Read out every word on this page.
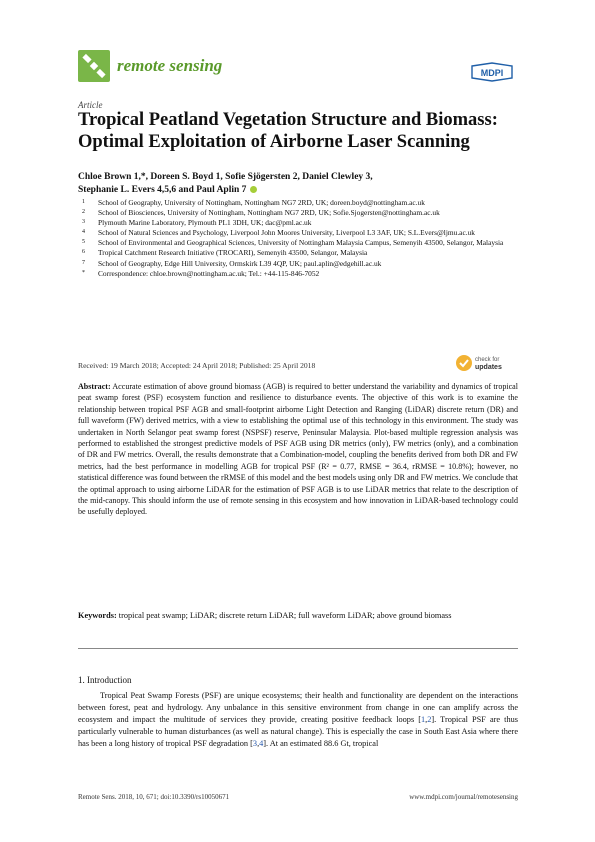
remote sensing	MDPI
Article
Tropical Peatland Vegetation Structure and Biomass: Optimal Exploitation of Airborne Laser Scanning
Chloe Brown 1,*, Doreen S. Boyd 1, Sofie Sjögersten 2, Daniel Clewley 3,
Stephanie L. Evers 4,5,6 and Paul Aplin 7
1 School of Geography, University of Nottingham, Nottingham NG7 2RD, UK; doreen.boyd@nottingham.ac.uk
2 School of Biosciences, University of Nottingham, Nottingham NG7 2RD, UK; Sofie.Sjogersten@nottingham.ac.uk
3 Plymouth Marine Laboratory, Plymouth PL1 3DH, UK; dac@pml.ac.uk
4 School of Natural Sciences and Psychology, Liverpool John Moores University, Liverpool L3 3AF, UK; S.L.Evers@ljmu.ac.uk
5 School of Environmental and Geographical Sciences, University of Nottingham Malaysia Campus, Semenyih 43500, Selangor, Malaysia
6 Tropical Catchment Research Initiative (TROCARI), Semenyih 43500, Selangor, Malaysia
7 School of Geography, Edge Hill University, Ormskirk L39 4QP, UK; paul.aplin@edgehill.ac.uk
* Correspondence: chloe.brown@nottingham.ac.uk; Tel.: +44-115-846-7052
Received: 19 March 2018; Accepted: 24 April 2018; Published: 25 April 2018
check for
updates
Abstract: Accurate estimation of above ground biomass (AGB) is required to better understand the variability and dynamics of tropical peat swamp forest (PSF) ecosystem function and resilience to disturbance events. The objective of this work is to examine the relationship between tropical PSF AGB and small-footprint airborne Light Detection and Ranging (LiDAR) discrete return (DR) and full waveform (FW) derived metrics, with a view to establishing the optimal use of this technology in this environment. The study was undertaken in North Selangor peat swamp forest (NSPSF) reserve, Peninsular Malaysia. Plot-based multiple regression analysis was performed to established the strongest predictive models of PSF AGB using DR metrics (only), FW metrics (only), and a combination of DR and FW metrics. Overall, the results demonstrate that a Combination-model, coupling the benefits derived from both DR and FW metrics, had the best performance in modelling AGB for tropical PSF (R² = 0.77, RMSE = 36.4, rRMSE = 10.8%); however, no statistical difference was found between the rRMSE of this model and the best models using only DR and FW metrics. We conclude that the optimal approach to using airborne LiDAR for the estimation of PSF AGB is to use LiDAR metrics that relate to the description of the mid-canopy. This should inform the use of remote sensing in this ecosystem and how innovation in LiDAR-based technology could be usefully deployed.
Keywords: tropical peat swamp; LiDAR; discrete return LiDAR; full waveform LiDAR; above ground biomass
1. Introduction

Tropical Peat Swamp Forests (PSF) are unique ecosystems; their health and functionality are dependent on the interactions between forest, peat and hydrology. Any unbalance in this sensitive environment from change in one can amplify across the ecosystem and impact the multitude of services they provide, creating positive feedback loops [1,2]. Tropical PSF are thus particularly vulnerable to human disturbances (as well as natural change). This is especially the case in South East Asia where there has been a long history of tropical PSF degradation [3,4]. At an estimated 88.6 Gt, tropical

Remote Sens. 2018, 10, 671; doi:10.3390/rs10050671	www.mdpi.com/journal/remotesensing
